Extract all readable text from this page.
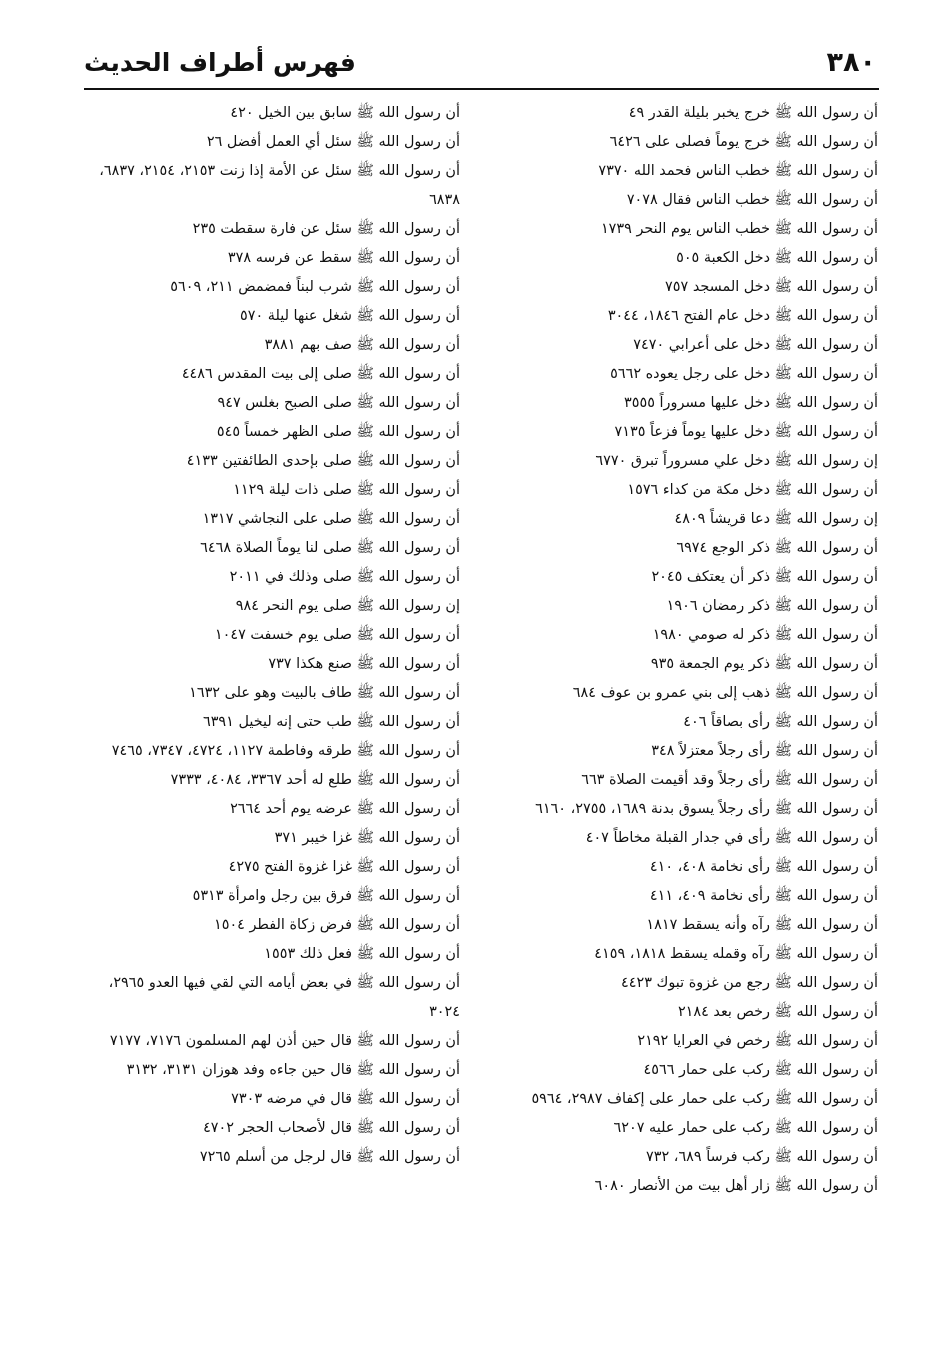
٣٨٠
فهرس أطراف الحديث
أن رسول الله ﷺ خرج يخبر بليلة القدر ٤٩
أن رسول الله ﷺ خرج يوماً فصلى على ٦٤٢٦
أن رسول الله ﷺ خطب الناس فحمد الله ٧٣٧٠
أن رسول الله ﷺ خطب الناس فقال ٧٠٧٨
أن رسول الله ﷺ خطب الناس يوم النحر ١٧٣٩
أن رسول الله ﷺ دخل الكعبة ٥٠٥
أن رسول الله ﷺ دخل المسجد ٧٥٧
أن رسول الله ﷺ دخل عام الفتح ١٨٤٦، ٣٠٤٤
أن رسول الله ﷺ دخل على أعرابي ٧٤٧٠
أن رسول الله ﷺ دخل على رجل يعوده ٥٦٦٢
أن رسول الله ﷺ دخل عليها مسروراً ٣٥٥٥
أن رسول الله ﷺ دخل عليها يوماً فزعاً ٧١٣٥
إن رسول الله ﷺ دخل علي مسروراً تبرق ٦٧٧٠
أن رسول الله ﷺ دخل مكة من كداء ١٥٧٦
إن رسول الله ﷺ دعا قريشاً ٤٨٠٩
أن رسول الله ﷺ ذكر الوجع ٦٩٧٤
أن رسول الله ﷺ ذكر أن يعتكف ٢٠٤٥
أن رسول الله ﷺ ذكر رمضان ١٩٠٦
أن رسول الله ﷺ ذكر له صومي ١٩٨٠
أن رسول الله ﷺ ذكر يوم الجمعة ٩٣٥
أن رسول الله ﷺ ذهب إلى بني عمرو بن عوف ٦٨٤
أن رسول الله ﷺ رأى بصاقاً ٤٠٦
أن رسول الله ﷺ رأى رجلاً معتزلاً ٣٤٨
أن رسول الله ﷺ رأى رجلاً وقد أقيمت الصلاة ٦٦٣
أن رسول الله ﷺ رأى رجلاً يسوق بدنة ١٦٨٩، ٢٧٥٥، ٦١٦٠
أن رسول الله ﷺ رأى في جدار القبلة مخاطاً ٤٠٧
أن رسول الله ﷺ رأى نخامة ٤٠٨، ٤١٠
أن رسول الله ﷺ رأى نخامة ٤٠٩، ٤١١
أن رسول الله ﷺ رآه وأنه يسقط ١٨١٧
أن رسول الله ﷺ رآه وقمله يسقط ١٨١٨، ٤١٥٩
أن رسول الله ﷺ رجع من غزوة تبوك ٤٤٢٣
أن رسول الله ﷺ رخص بعد ٢١٨٤
أن رسول الله ﷺ رخص في العرايا ٢١٩٢
أن رسول الله ﷺ ركب على حمار ٤٥٦٦
أن رسول الله ﷺ ركب على حمار على إكفاف ٢٩٨٧، ٥٩٦٤
أن رسول الله ﷺ ركب على حمار عليه ٦٢٠٧
أن رسول الله ﷺ ركب فرساً ٦٨٩، ٧٣٢
أن رسول الله ﷺ زار أهل بيت من الأنصار ٦٠٨٠
أن رسول الله ﷺ سابق بين الخيل ٤٢٠
أن رسول الله ﷺ سئل أي العمل أفضل ٢٦
أن رسول الله ﷺ سئل عن الأمة إذا زنت ٢١٥٣، ٢١٥٤، ٦٨٣٧، ٦٨٣٨
أن رسول الله ﷺ سئل عن فارة سقطت ٢٣٥
أن رسول الله ﷺ سقط عن فرسه ٣٧٨
أن رسول الله ﷺ شرب لبناً فمضمض ٢١١، ٥٦٠٩
أن رسول الله ﷺ شغل عنها ليلة ٥٧٠
أن رسول الله ﷺ صف بهم ٣٨٨١
أن رسول الله ﷺ صلى إلى بيت المقدس ٤٤٨٦
أن رسول الله ﷺ صلى الصبح بغلس ٩٤٧
أن رسول الله ﷺ صلى الظهر خمساً ٥٤٥
أن رسول الله ﷺ صلى بإحدى الطائفتين ٤١٣٣
أن رسول الله ﷺ صلى ذات ليلة ١١٢٩
أن رسول الله ﷺ صلى على النجاشي ١٣١٧
أن رسول الله ﷺ صلى لنا يوماً الصلاة ٦٤٦٨
أن رسول الله ﷺ صلى وذلك في ٢٠١١
إن رسول الله ﷺ صلى يوم النحر ٩٨٤
أن رسول الله ﷺ صلى يوم خسفت ١٠٤٧
أن رسول الله ﷺ صنع هكذا ٧٣٧
أن رسول الله ﷺ طاف بالبيت وهو على ١٦٣٢
أن رسول الله ﷺ طب حتى إنه ليخيل ٦٣٩١
أن رسول الله ﷺ طرقه وفاطمة ١١٢٧، ٤٧٢٤، ٧٣٤٧، ٧٤٦٥
أن رسول الله ﷺ طلع له أحد ٣٣٦٧، ٤٠٨٤، ٧٣٣٣
أن رسول الله ﷺ عرضه يوم أحد ٢٦٦٤
أن رسول الله ﷺ غزا خيبر ٣٧١
أن رسول الله ﷺ غزا غزوة الفتح ٤٢٧٥
أن رسول الله ﷺ فرق بين رجل وامرأة ٥٣١٣
أن رسول الله ﷺ فرض زكاة الفطر ١٥٠٤
أن رسول الله ﷺ فعل ذلك ١٥٥٣
أن رسول الله ﷺ في بعض أيامه التي لقي فيها العدو ٢٩٦٥، ٣٠٢٤
أن رسول الله ﷺ قال حين أذن لهم المسلمون ٧١٧٦، ٧١٧٧
أن رسول الله ﷺ قال حين جاءه وفد هوزان ٣١٣١، ٣١٣٢
أن رسول الله ﷺ قال في مرضه ٧٣٠٣
أن رسول الله ﷺ قال لأصحاب الحجر ٤٧٠٢
أن رسول الله ﷺ قال لرجل من أسلم ٧٢٦٥
